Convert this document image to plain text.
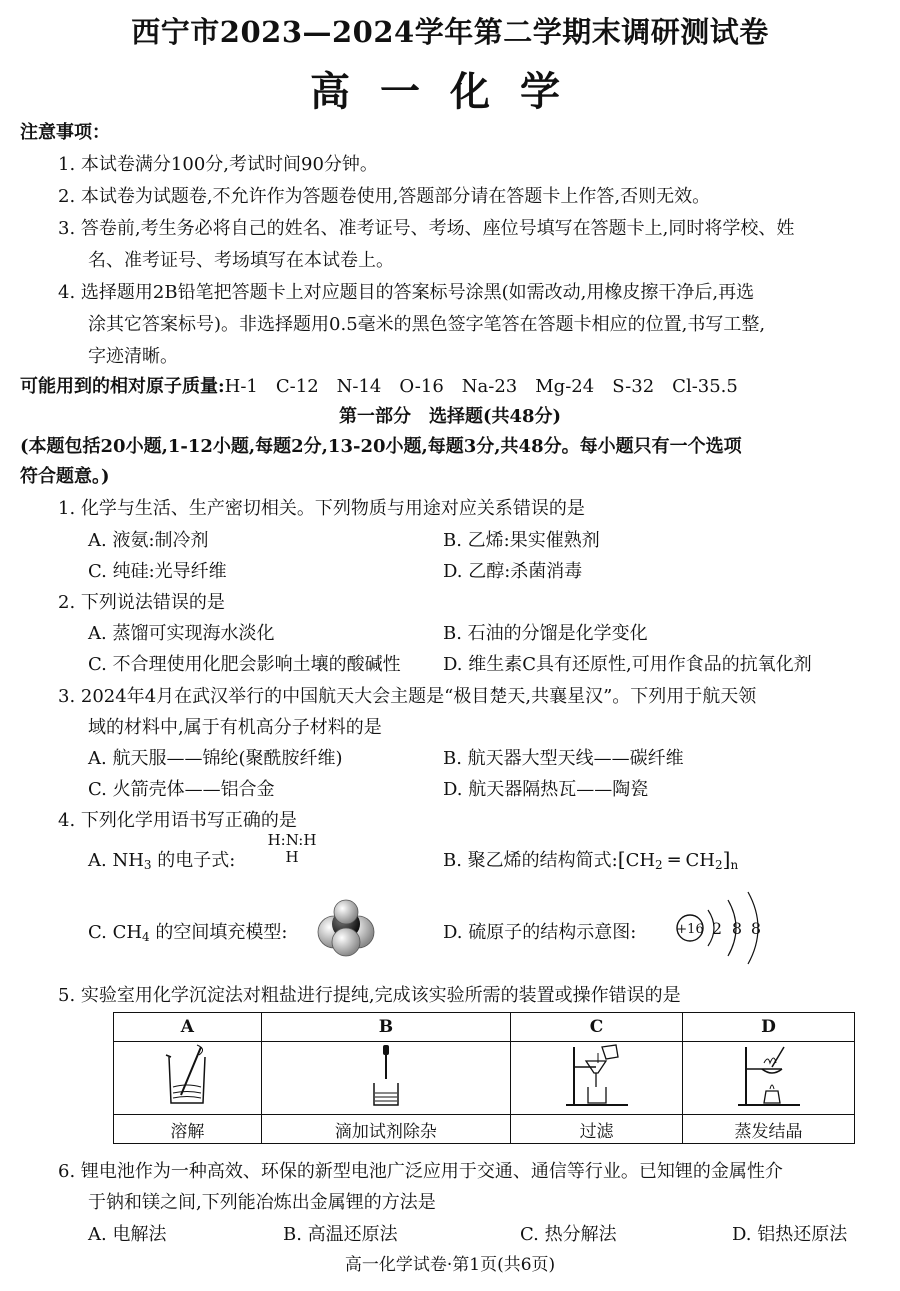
西宁市2023—2024学年第二学期末调研测试卷
高一化学
注意事项：
1. 本试卷满分100分,考试时间90分钟。
2. 本试卷为试题卷,不允许作为答题卷使用,答题部分请在答题卡上作答,否则无效。
3. 答卷前,考生务必将自己的姓名、准考证号、考场、座位号填写在答题卡上,同时将学校、姓
名、准考证号、考场填写在本试卷上。
4. 选择题用2B铅笔把答题卡上对应题目的答案标号涂黑(如需改动,用橡皮擦干净后,再选
涂其它答案标号)。非选择题用0.5毫米的黑色签字笔答在答题卡相应的位置,书写工整,
字迹清晰。
可能用到的相对原子质量:H-1　C-12　N-14　O-16　Na-23　Mg-24　S-32　Cl-35.5
第一部分　选择题(共48分)
(本题包括20小题,1-12小题,每题2分,13-20小题,每题3分,共48分。每小题只有一个选项
符合题意。)
1. 化学与生活、生产密切相关。下列物质与用途对应关系错误的是
A. 液氨:制冷剂	B. 乙烯:果实催熟剂
C. 纯硅:光导纤维	D. 乙醇:杀菌消毒
2. 下列说法错误的是
A. 蒸馏可实现海水淡化	B. 石油的分馏是化学变化
C. 不合理使用化肥会影响土壤的酸碱性 D. 维生素C具有还原性,可用作食品的抗氧化剂
3. 2024年4月在武汉举行的中国航天大会主题是“极目楚天,共襄星汉”。下列用于航天领
域的材料中,属于有机高分子材料的是
A. 航天服——锦纶(聚酰胺纤维)	B. 航天器大型天线——碳纤维
C. 火箭壳体——铝合金	D. 航天器隔热瓦——陶瓷
4. 下列化学用语书写正确的是
A. $NH_3$ 的电子式:
H:N:H
H	B. 聚乙烯的结构简式$:[CH_2$ ═ $CH_2]_n$
C. $CH_4$ 的空间填充模型:	D. 硫原子的结构示意图:	+16 2 8 8
5. 实验室用化学沉淀法对粗盐进行提纯,完成该实验所需的装置或操作错误的是
A	B	C	D

溶解	滴加试剂除杂	过滤	蒸发结晶
6. 锂电池作为一种高效、环保的新型电池广泛应用于交通、通信等行业。已知锂的金属性介
于钠和镁之间,下列能冶炼出金属锂的方法是
A. 电解法	B. 高温还原法	C. 热分解法	D. 铝热还原法
高一化学试卷·第1页(共6页)
